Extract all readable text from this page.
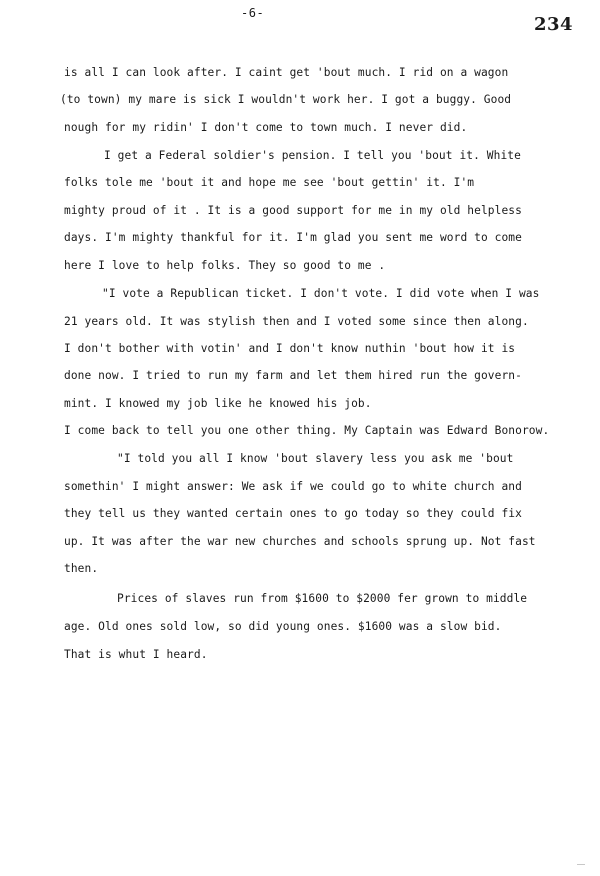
-6-
234
is all I can look after. I caint get 'bout much. I rid on a wagon
(to town) my mare is sick I wouldn't work her. I got a buggy. Good
nough for my ridin' I don't come to town much. I never did.
I get a Federal soldier's pension. I tell you 'bout it. White
folks tole me 'bout it and hope me see 'bout gettin' it. I'm
mighty proud of it . It is a good support for me in my old helpless
days. I'm mighty thankful for it. I'm glad you sent me word to come
here I love to help folks. They so good to me .
"I vote a Republican ticket. I don't vote. I did vote when I was
21 years old. It was stylish then and I voted some since then along.
I don't bother with votin' and I don't know nuthin 'bout how it is
done now. I tried to run my farm and let them hired run the govern-
mint. I knowed my job like he knowed his job.
I come back to tell you one other thing. My Captain was Edward Bonorow.
"I told you all I know 'bout slavery less you ask me 'bout
somethin' I might answer: We ask if we could go to white church and
they tell us they wanted certain ones to go today so they could fix
up. It was after the war new churches and schools sprung up. Not fast
then.
Prices of slaves run from $1600 to $2000 fer grown to middle
age. Old ones sold low, so did young ones. $1600 was a slow bid.
That is whut I heard.
